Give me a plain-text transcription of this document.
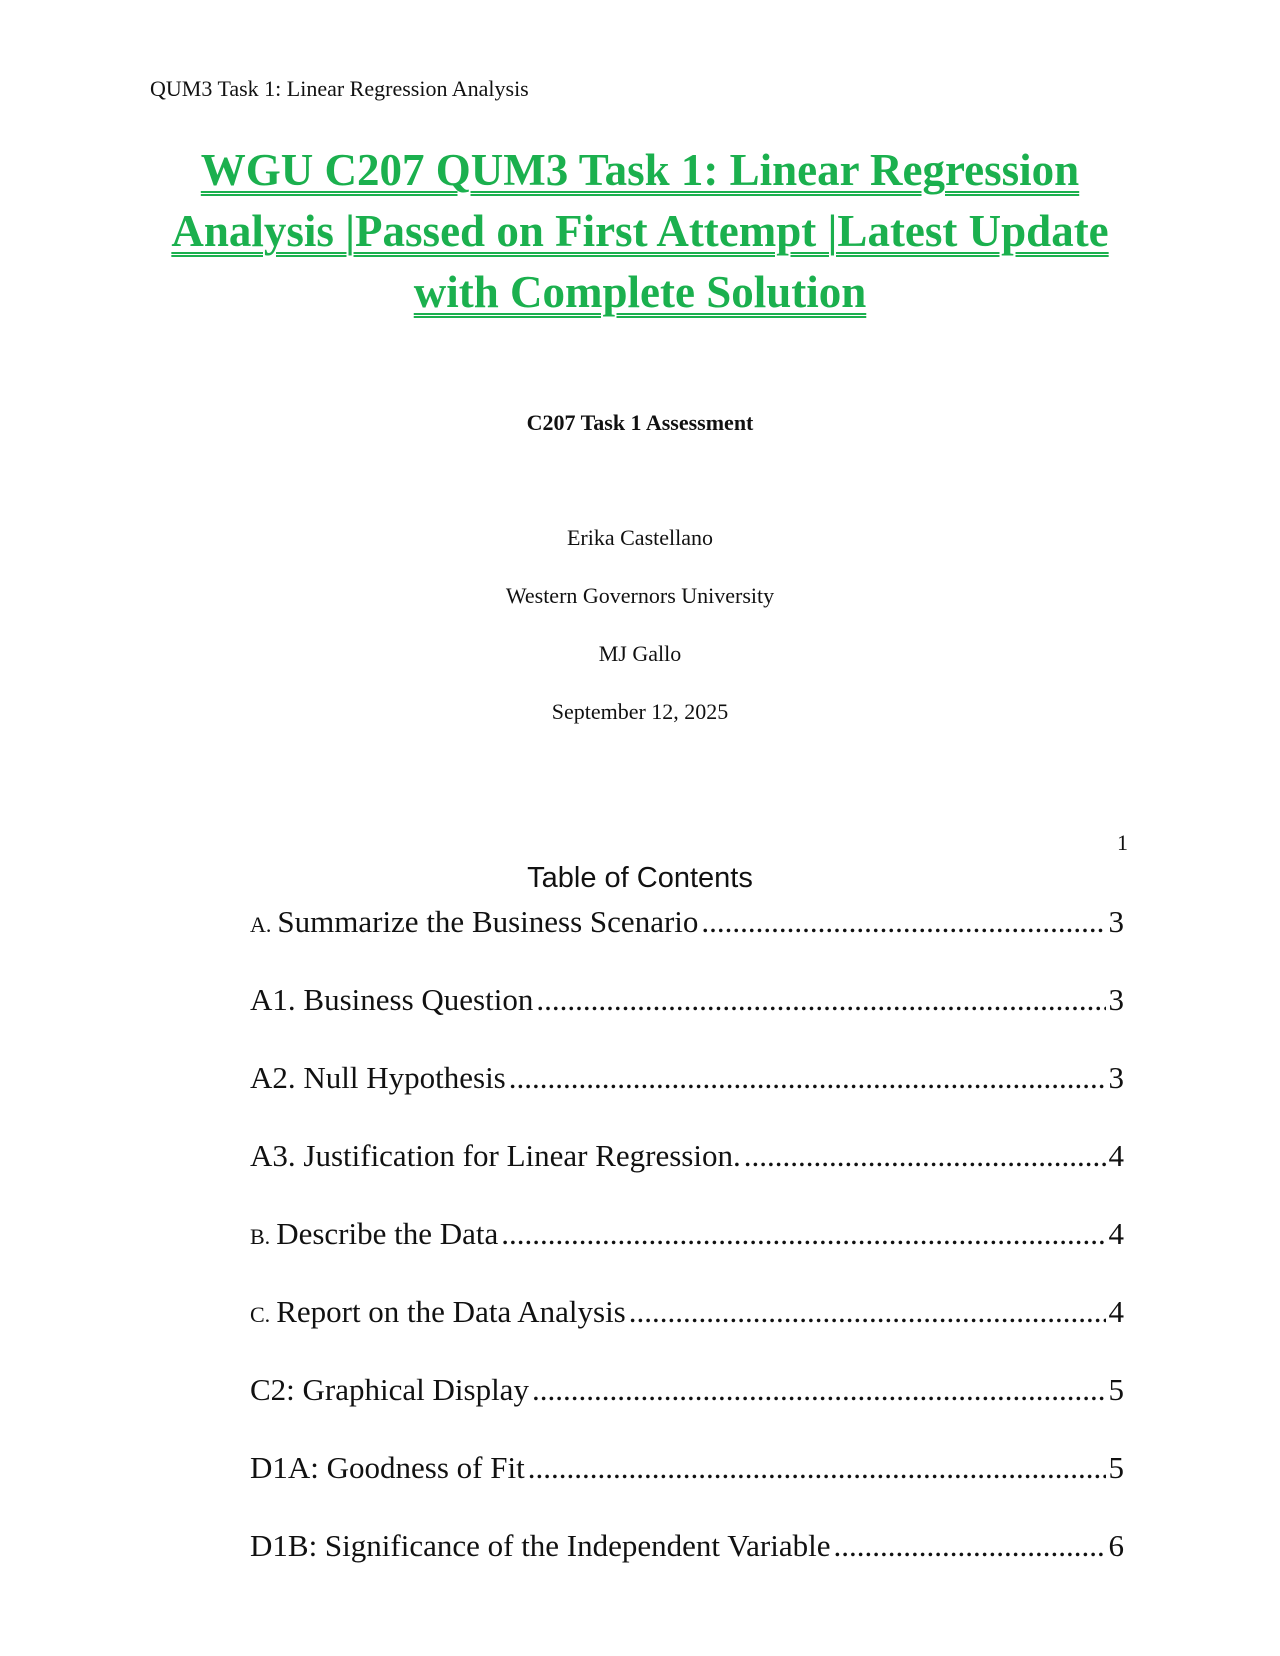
QUM3 Task 1: Linear Regression Analysis
WGU C207 QUM3 Task 1: Linear Regression
Analysis |Passed on First Attempt |Latest Update
with Complete Solution
C207 Task 1 Assessment
Erika Castellano
Western Governors University
MJ Gallo
September 12, 2025
1
Table of Contents
A. Summarize the Business Scenario .....	3
A1. Business Question .....	3
A2. Null Hypothesis .....	3
A3. Justification for Linear Regression. .....	4
B. Describe the Data .....	4
C. Report on the Data Analysis .....	4
C2: Graphical Display .....	5
D1A: Goodness of Fit .....	5
D1B: Significance of the Independent Variable .....	6
